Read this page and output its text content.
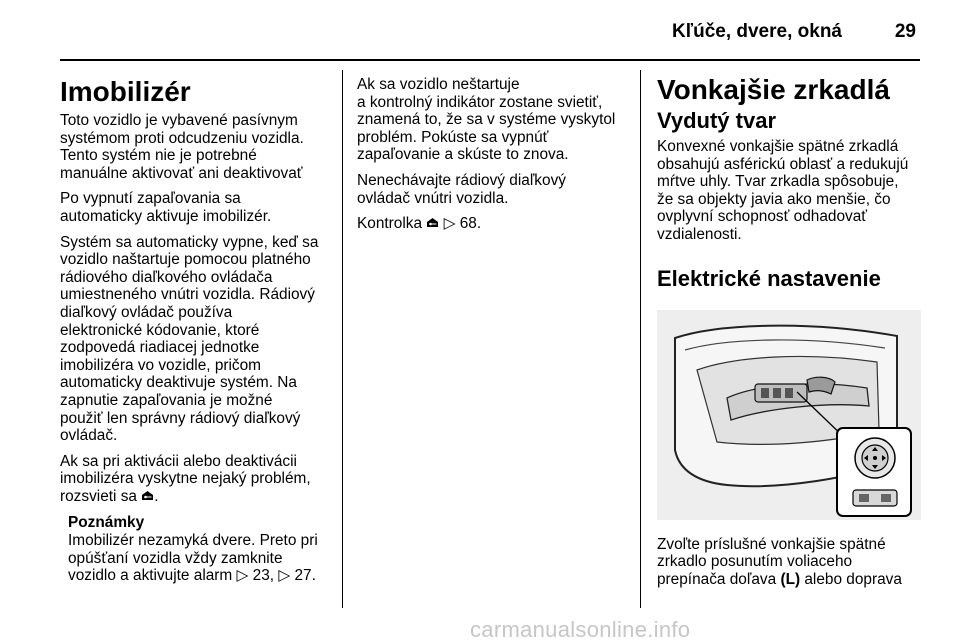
Kľúče, dvere, okná	29
Imobilizér

Toto vozidlo je vybavené pasívnym
systémom proti odcudzeniu vozidla.
Tento systém nie je potrebné
manuálne aktivovať ani deaktivovať

Po vypnutí zapaľovania sa
automaticky aktivuje imobilizér.

Systém sa automaticky vypne, keď sa
vozidlo naštartuje pomocou platného
rádiového diaľkového ovládača
umiestneného vnútri vozidla. Rádiový
diaľkový ovládač používa
elektronické kódovanie, ktoré
zodpovedá riadiacej jednotke
imobilizéra vo vozidle, pričom
automaticky deaktivuje systém. Na
zapnutie zapaľovania je možné
použiť len správny rádiový diaľkový
ovládač.

Ak sa pri aktivácii alebo deaktivácii
imobilizéra vyskytne nejaký problém,
rozsvieti sa .

Poznámky

Imobilizér nezamyká dvere. Preto pri
opúšťaní vozidla vždy zamknite
vozidlo a aktivujte alarm ▷︎ 23, ▷︎ 27.

Ak sa vozidlo neštartuje
a kontrolný indikátor zostane svietiť,
znamená to, že sa v systéme vyskytol
problém. Pokúste sa vypnúť
zapaľovanie a skúste to znova.

Nenechávajte rádiový diaľkový
ovládač vnútri vozidla.

Kontrolka  ▷︎ 68.

Vonkajšie zrkadlá
Vydutý tvar

Konvexné vonkajšie spätné zrkadlá
obsahujú asférickú oblasť a redukujú
mŕtve uhly. Tvar zrkadla spôsobuje,
že sa objekty javia ako menšie, čo
ovplyvní schopnosť odhadovať
vzdialenosti.

Elektrické nastavenie

Zvoľte príslušné vonkajšie spätné
zrkadlo posunutím voliaceho
prepínača doľava (L) alebo doprava

carmanualsonline.info
